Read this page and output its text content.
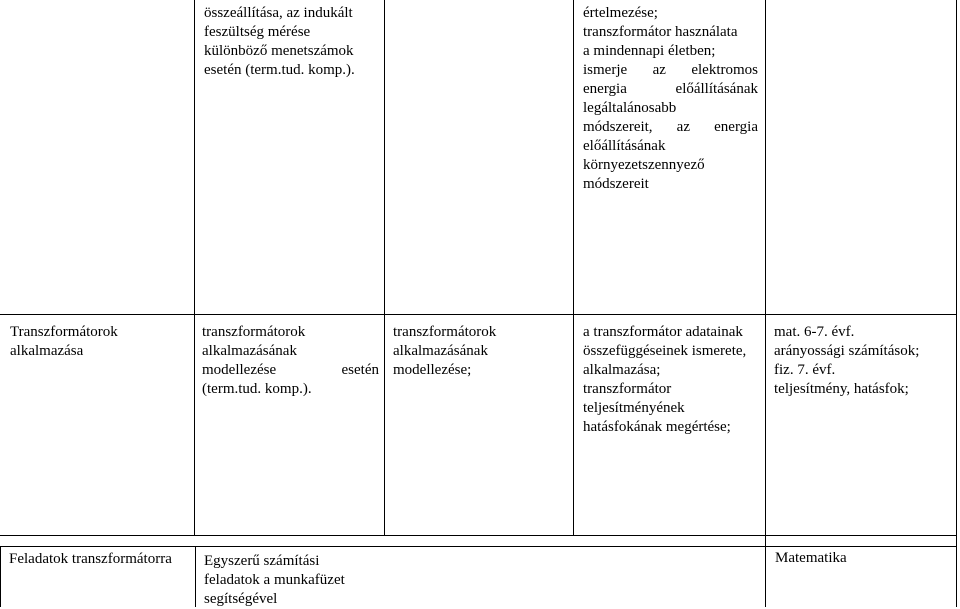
összeállítása, az indukált
feszültség mérése
különböző menetszámok
esetén (term.tud. komp.).
értelmezése;
transzformátor használata
a mindennapi életben;
ismerje az elektromos
energia előállításának
legáltalánosabb
módszereit, az energia
előállításának
környezetszennyező
módszereit
Transzformátorok
alkalmazása
transzformátorok
alkalmazásának
modellezése esetén
(term.tud. komp.).
transzformátorok
alkalmazásának
modellezése;
a transzformátor adatainak
összefüggéseinek ismerete,
alkalmazása;
transzformátor
teljesítményének
hatásfokának megértése;
mat. 6-7. évf.
arányossági számítások;
fiz. 7. évf.
teljesítmény, hatásfok;
Feladatok transzformátorra	Egyszerű számítási
feladatok a munkafüzet
segítségével
Matematika
